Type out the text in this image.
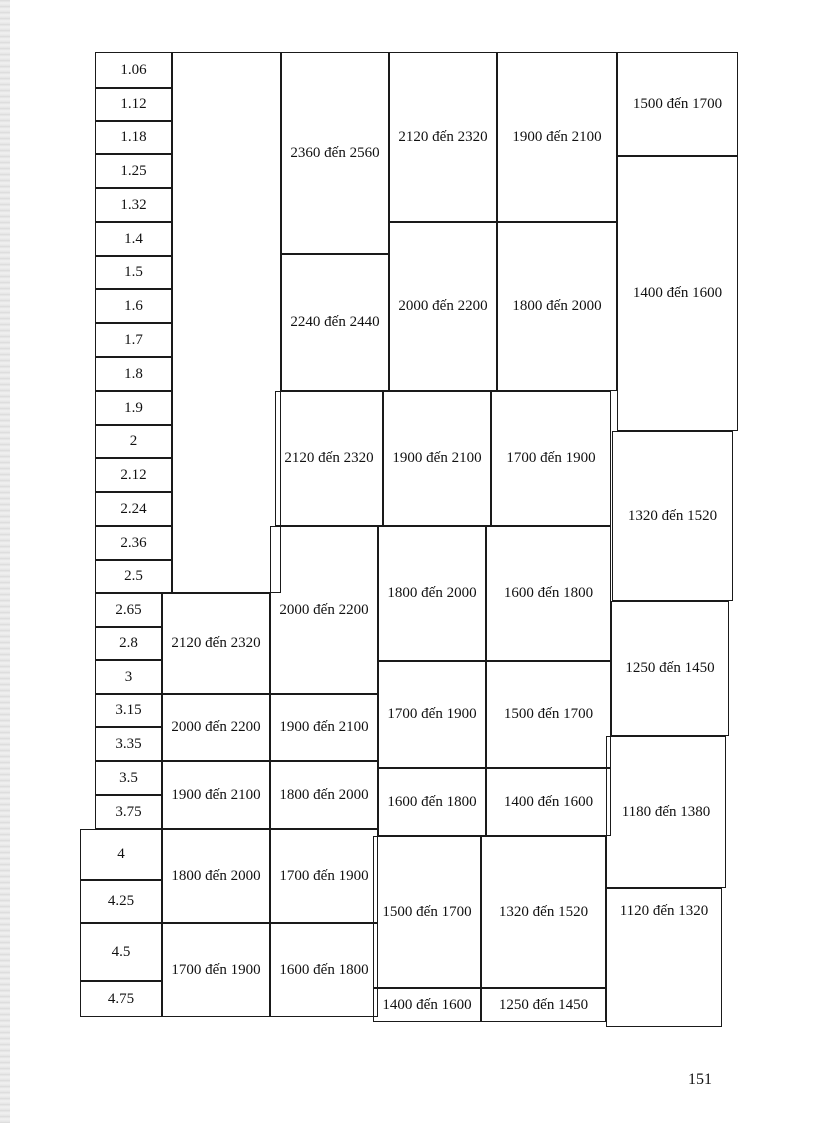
1.06
1.12
1.18
1.25
1.32
1.4
1.5
1.6
1.7
1.8
1.9
2
2.12
2.24
2.36
2.5
2.65
2.8
3
3.15
3.35
3.5
3.75
4
4.25
4.5
4.75
2120 đến 2320
2000 đến 2200
1900 đến 2100
1800 đến 2000
1700 đến 1900
2360 đến 2560
2240 đến 2440
2120 đến 2320
2000 đến 2200
1900 đến 2100
1800 đến 2000
1700 đến 1900
1600 đến 1800
2120 đến 2320
2000 đến 2200
1900 đến 2100
1800 đến 2000
1700 đến 1900
1600 đến 1800
1500 đến 1700
1400 đến 1600
1900 đến 2100
1800 đến 2000
1700 đến 1900
1600 đến 1800
1500 đến 1700
1400 đến 1600
1320 đến 1520
1250 đến 1450
1500 đến 1700
1400 đến 1600
1320 đến 1520
1250 đến 1450
1180 đến 1380
1120 đến 1320
151
